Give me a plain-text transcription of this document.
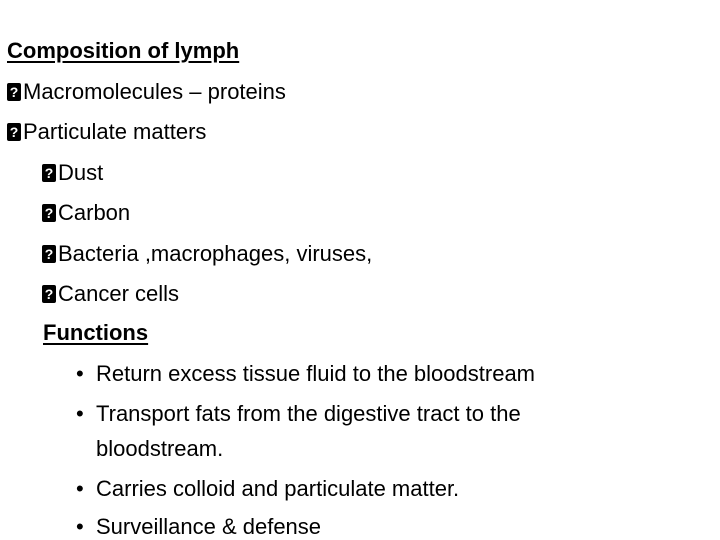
Composition of lymph
?Macromolecules – proteins
?Particulate matters
?Dust
?Carbon
?Bacteria ,macrophages, viruses,
?Cancer cells
Functions
• Return excess tissue fluid to the bloodstream
• Transport fats from the digestive tract to the
bloodstream.
• Carries colloid and particulate matter.
• Surveillance & defense
